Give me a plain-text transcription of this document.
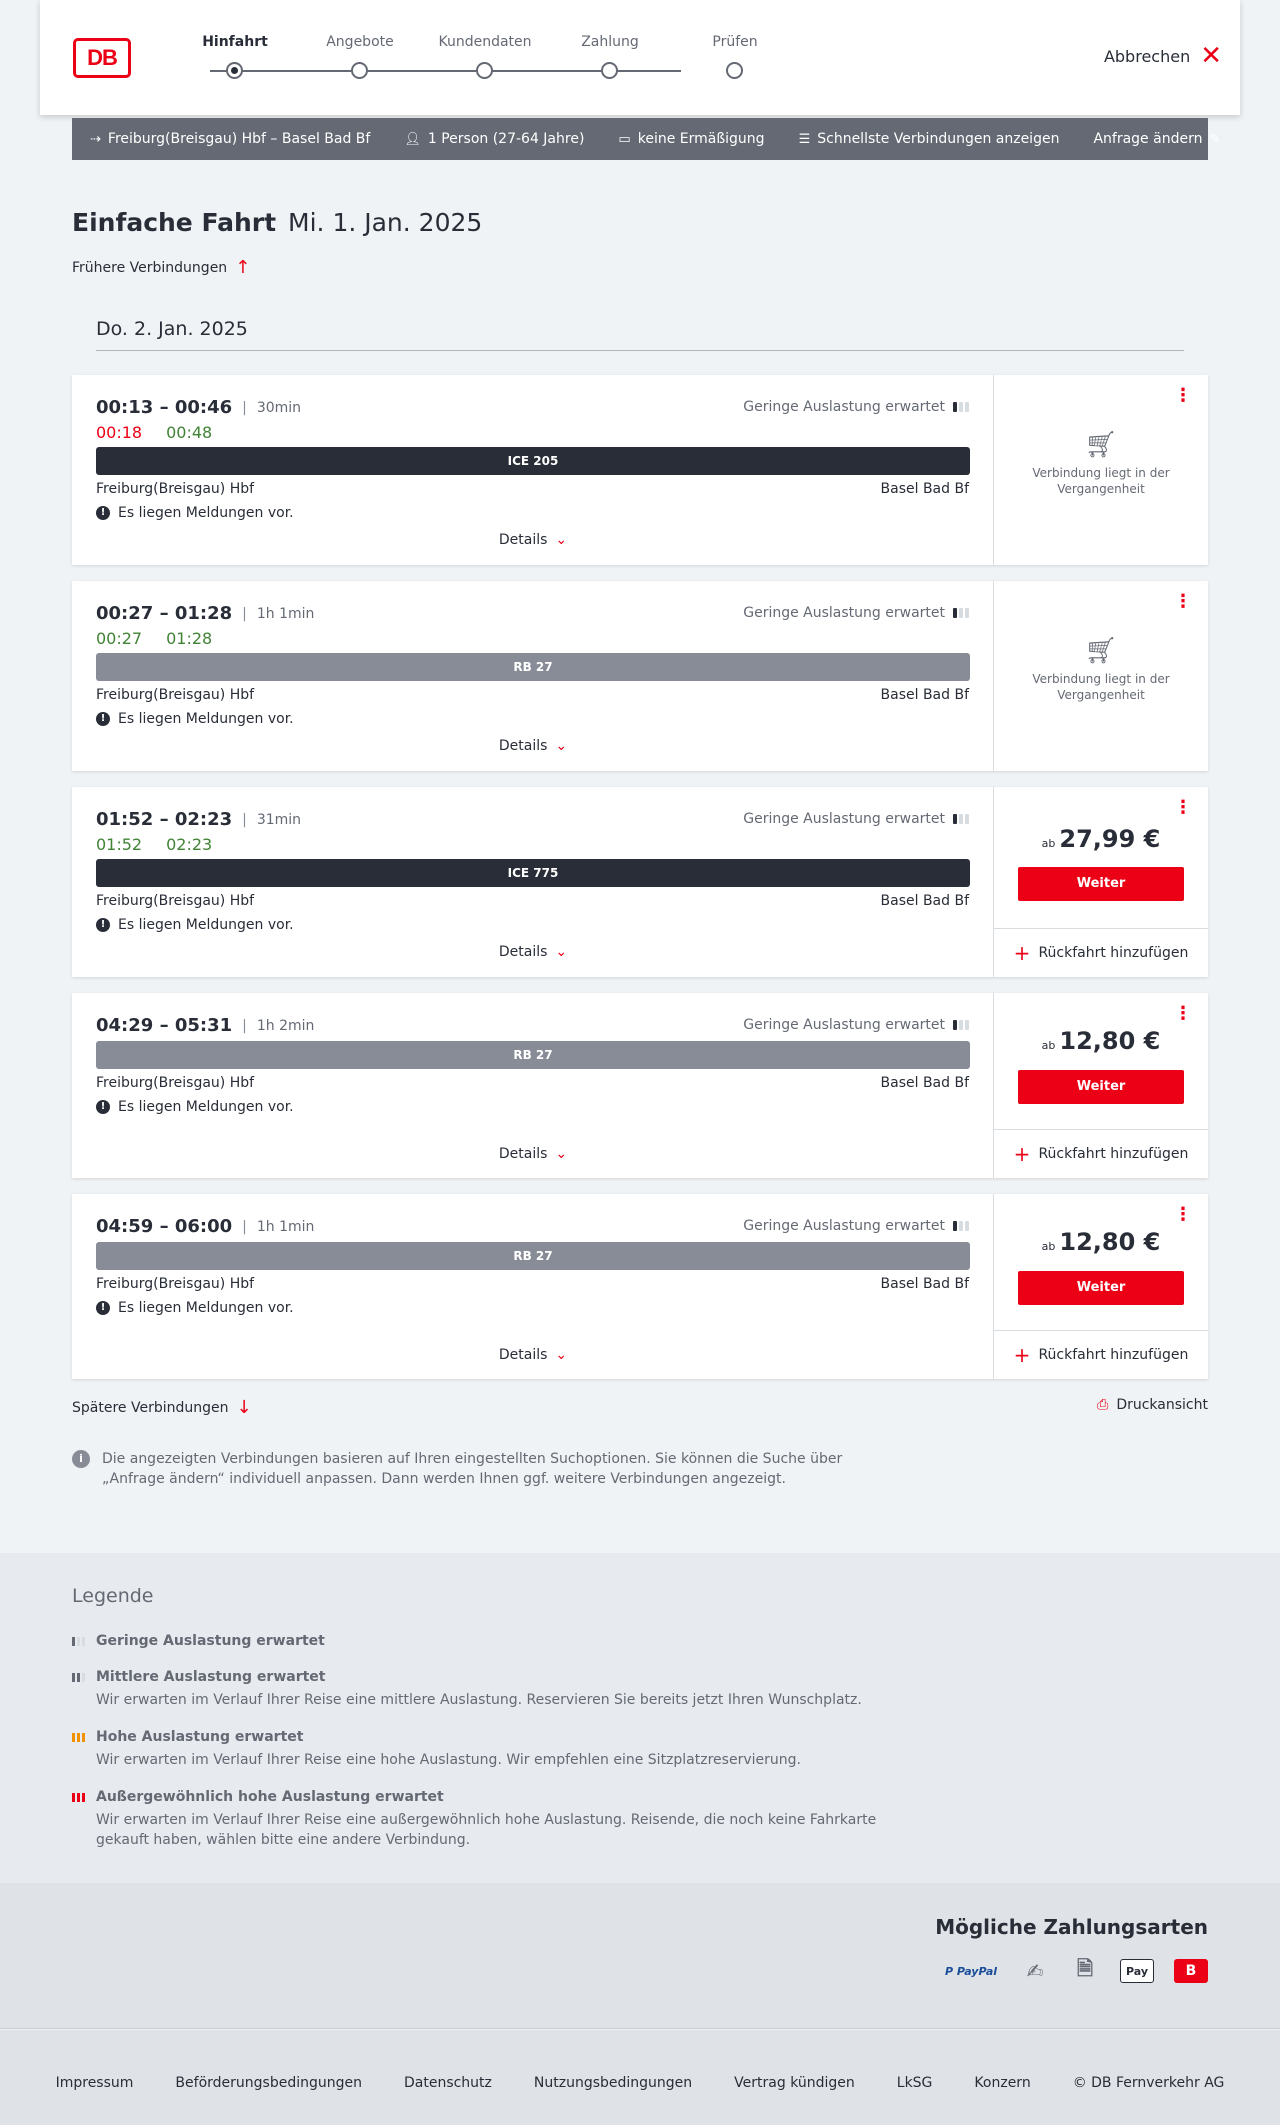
DB
Hinfahrt	Angebote	Kundendaten	Zahlung	Prüfen
Abbrechen ✕
⇢ Freiburg(Breisgau) Hbf – Basel Bad Bf	👤︎ 1 Person (27-64 Jahre)	▭ keine Ermäßigung	☰ Schnellste Verbindungen anzeigen Anfrage ändern ✎
Einfache Fahrt Mi. 1. Jan. 2025
Frühere Verbindungen ↑
Do. 2. Jan. 2025
00:13 – 00:46 | 30min
00:18 00:48
Geringe Auslastung erwartet
ICE 205
Freiburg(Breisgau) Hbf	Basel Bad Bf
! Es liegen Meldungen vor.
Details ⌄
⋮
🛒︎
Verbindung liegt in der Vergangenheit
00:27 – 01:28 | 1h 1min
00:27 01:28
Geringe Auslastung erwartet
RB 27
Freiburg(Breisgau) Hbf	Basel Bad Bf
! Es liegen Meldungen vor.
Details ⌄
⋮
🛒︎
Verbindung liegt in der Vergangenheit
01:52 – 02:23 | 31min
01:52 02:23
Geringe Auslastung erwartet
ICE 775
Freiburg(Breisgau) Hbf	Basel Bad Bf
! Es liegen Meldungen vor.
Details ⌄
⋮
ab 27,99 €
Weiter
+ Rückfahrt hinzufügen
04:29 – 05:31 | 1h 2min	Geringe Auslastung erwartet
RB 27
Freiburg(Breisgau) Hbf	Basel Bad Bf
! Es liegen Meldungen vor.
Details ⌄
⋮
ab 12,80 €
Weiter
+ Rückfahrt hinzufügen
04:59 – 06:00 | 1h 1min	Geringe Auslastung erwartet
RB 27
Freiburg(Breisgau) Hbf	Basel Bad Bf
! Es liegen Meldungen vor.
Details ⌄
⋮
ab 12,80 €
Weiter
+ Rückfahrt hinzufügen
Spätere Verbindungen ↓	⎙ Druckansicht
i	Die angezeigten Verbindungen basieren auf Ihren eingestellten Suchoptionen. Sie können die Suche über „Anfrage ändern“ individuell anpassen. Dann werden Ihnen ggf. weitere Verbindungen angezeigt.
Legende
Geringe Auslastung erwartet
Mittlere Auslastung erwartet
Wir erwarten im Verlauf Ihrer Reise eine mittlere Auslastung. Reservieren Sie bereits jetzt Ihren Wunschplatz.
Hohe Auslastung erwartet
Wir erwarten im Verlauf Ihrer Reise eine hohe Auslastung. Wir empfehlen eine Sitzplatzreservierung.
Außergewöhnlich hohe Auslastung erwartet
Wir erwarten im Verlauf Ihrer Reise eine außergewöhnlich hohe Auslastung. Reisende, die noch keine Fahrkarte gekauft haben, wählen bitte eine andere Verbindung.
Mögliche Zahlungsarten
P PayPal	✍	🗎︎	Pay	B
Impressum	Beförderungsbedingungen	Datenschutz	Nutzungsbedingungen	Vertrag kündigen	LkSG	Konzern	© DB Fernverkehr AG
